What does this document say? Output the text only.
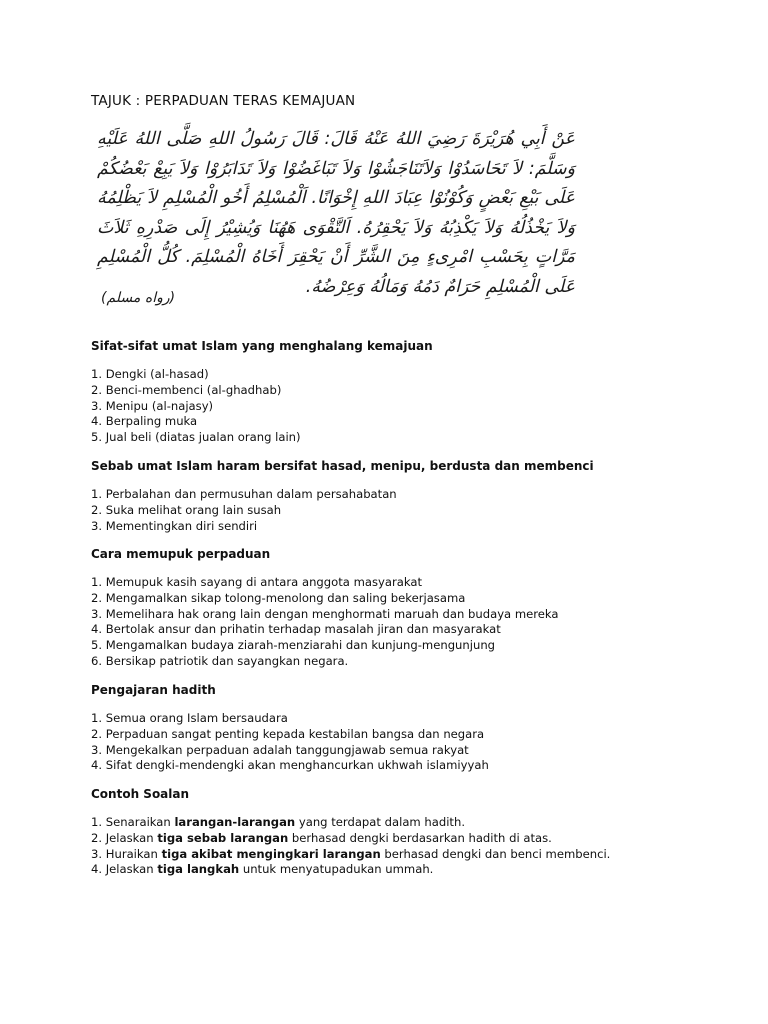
TAJUK : PERPADUAN TERAS KEMAJUAN

عَنْ أَبِي هُرَيْرَةَ رَضِيَ اللهُ عَنْهُ قَالَ: قَالَ رَسُولُ اللهِ صَلَّى اللهُ عَلَيْهِ وَسَلَّمَ: لاَ تَحَاسَدُوْا وَلاَتَنَاجَشُوْا وَلاَ تَبَاغَضُوْا وَلاَ تَدَابَرُوْا وَلاَ يَبِعْ بَعْضُكُمْ عَلَى بَيْعِ بَعْضٍ وَكُوْنُوْا عِبَادَ اللهِ إِخْوَانًا. اَلْمُسْلِمُ أَخُو الْمُسْلِمِ لاَ يَظْلِمُهُ وَلاَ يَخْذُلُهُ وَلاَ يَكْذِبُهُ وَلاَ يَحْقِرُهُ. اَلتَّقْوَى هَهُنَا وَيُشِيْرُ إِلَى صَدْرِهِ ثَلاَثَ مَرَّاتٍ بِحَسْبِ امْرِىءٍ مِنَ الشَّرِّ أَنْ يَحْقِرَ أَخَاهُ الْمُسْلِمَ. كُلُّ الْمُسْلِمِ عَلَى الْمُسْلِمِ حَرَامٌ دَمُهُ وَمَالُهُ وَعِرْضُهُ.

(رواه مسلم)
Sifat-sifat umat Islam yang menghalang kemajuan
1. Dengki (al-hasad)
2. Benci-membenci (al-ghadhab)
3. Menipu (al-najasy)
4. Berpaling muka
5. Jual beli (diatas jualan orang lain)
Sebab umat Islam haram bersifat hasad, menipu, berdusta dan membenci
1. Perbalahan dan permusuhan dalam persahabatan
2. Suka melihat orang lain susah
3. Mementingkan diri sendiri
Cara memupuk perpaduan
1. Memupuk kasih sayang di antara anggota masyarakat
2. Mengamalkan sikap tolong-menolong dan saling bekerjasama
3. Memelihara hak orang lain dengan menghormati maruah dan budaya mereka
4. Bertolak ansur dan prihatin terhadap masalah jiran dan masyarakat
5. Mengamalkan budaya ziarah-menziarahi dan kunjung-mengunjung
6. Bersikap patriotik dan sayangkan negara.
Pengajaran hadith
1. Semua orang Islam bersaudara
2. Perpaduan sangat penting kepada kestabilan bangsa dan negara
3. Mengekalkan perpaduan adalah tanggungjawab semua rakyat
4. Sifat dengki-mendengki akan menghancurkan ukhwah islamiyyah
Contoh Soalan
1. Senaraikan larangan-larangan yang terdapat dalam hadith.
2. Jelaskan tiga sebab larangan berhasad dengki berdasarkan hadith di atas.
3. Huraikan tiga akibat mengingkari larangan berhasad dengki dan benci membenci.
4. Jelaskan tiga langkah untuk menyatupadukan ummah.
